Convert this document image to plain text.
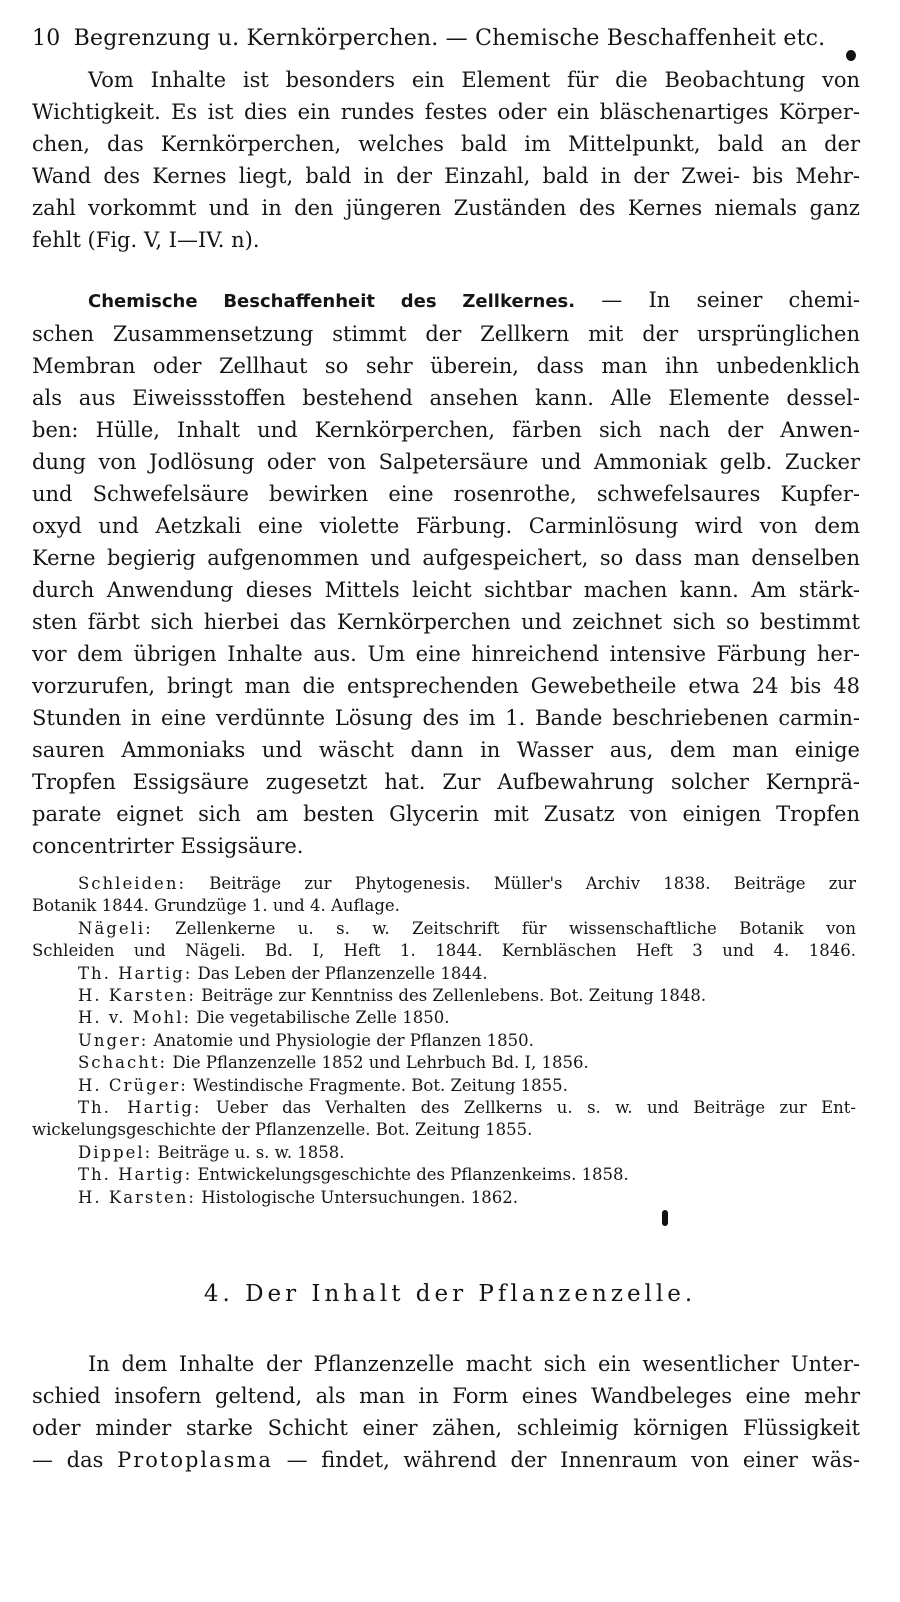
10 Begrenzung u. Kernkörperchen. — Chemische Beschaffenheit etc.
Vom Inhalte ist besonders ein Element für die Beobachtung von
Wichtigkeit. Es ist dies ein rundes festes oder ein bläschenartiges Körper-
chen, das Kernkörperchen, welches bald im Mittelpunkt, bald an der
Wand des Kernes liegt, bald in der Einzahl, bald in der Zwei- bis Mehr-
zahl vorkommt und in den jüngeren Zuständen des Kernes niemals ganz
fehlt (Fig. V, I—IV. n).
Chemische Beschaffenheit des Zellkernes. — In seiner chemi-
schen Zusammensetzung stimmt der Zellkern mit der ursprünglichen
Membran oder Zellhaut so sehr überein, dass man ihn unbedenklich
als aus Eiweissstoffen bestehend ansehen kann. Alle Elemente dessel-
ben: Hülle, Inhalt und Kernkörperchen, färben sich nach der Anwen-
dung von Jodlösung oder von Salpetersäure und Ammoniak gelb. Zucker
und Schwefelsäure bewirken eine rosenrothe, schwefelsaures Kupfer-
oxyd und Aetzkali eine violette Färbung. Carminlösung wird von dem
Kerne begierig aufgenommen und aufgespeichert, so dass man denselben
durch Anwendung dieses Mittels leicht sichtbar machen kann. Am stärk-
sten färbt sich hierbei das Kernkörperchen und zeichnet sich so bestimmt
vor dem übrigen Inhalte aus. Um eine hinreichend intensive Färbung her-
vorzurufen, bringt man die entsprechenden Gewebetheile etwa 24 bis 48
Stunden in eine verdünnte Lösung des im 1. Bande beschriebenen carmin-
sauren Ammoniaks und wäscht dann in Wasser aus, dem man einige
Tropfen Essigsäure zugesetzt hat. Zur Aufbewahrung solcher Kernprä-
parate eignet sich am besten Glycerin mit Zusatz von einigen Tropfen
concentrirter Essigsäure.
Schleiden: Beiträge zur Phytogenesis. Müller's Archiv 1838. Beiträge zur
Botanik 1844. Grundzüge 1. und 4. Auflage.
Nägeli: Zellenkerne u. s. w. Zeitschrift für wissenschaftliche Botanik von
Schleiden und Nägeli. Bd. I, Heft 1. 1844. Kernbläschen Heft 3 und 4. 1846.
Th. Hartig: Das Leben der Pflanzenzelle 1844.
H. Karsten: Beiträge zur Kenntniss des Zellenlebens. Bot. Zeitung 1848.
H. v. Mohl: Die vegetabilische Zelle 1850.
Unger: Anatomie und Physiologie der Pflanzen 1850.
Schacht: Die Pflanzenzelle 1852 und Lehrbuch Bd. I, 1856.
H. Crüger: Westindische Fragmente. Bot. Zeitung 1855.
Th. Hartig: Ueber das Verhalten des Zellkerns u. s. w. und Beiträge zur Ent-
wickelungsgeschichte der Pflanzenzelle. Bot. Zeitung 1855.
Dippel: Beiträge u. s. w. 1858.
Th. Hartig: Entwickelungsgeschichte des Pflanzenkeims. 1858.
H. Karsten: Histologische Untersuchungen. 1862.
4. Der Inhalt der Pflanzenzelle.
In dem Inhalte der Pflanzenzelle macht sich ein wesentlicher Unter-
schied insofern geltend, als man in Form eines Wandbeleges eine mehr
oder minder starke Schicht einer zähen, schleimig körnigen Flüssigkeit
— das Protoplasma — findet, während der Innenraum von einer wäs-
